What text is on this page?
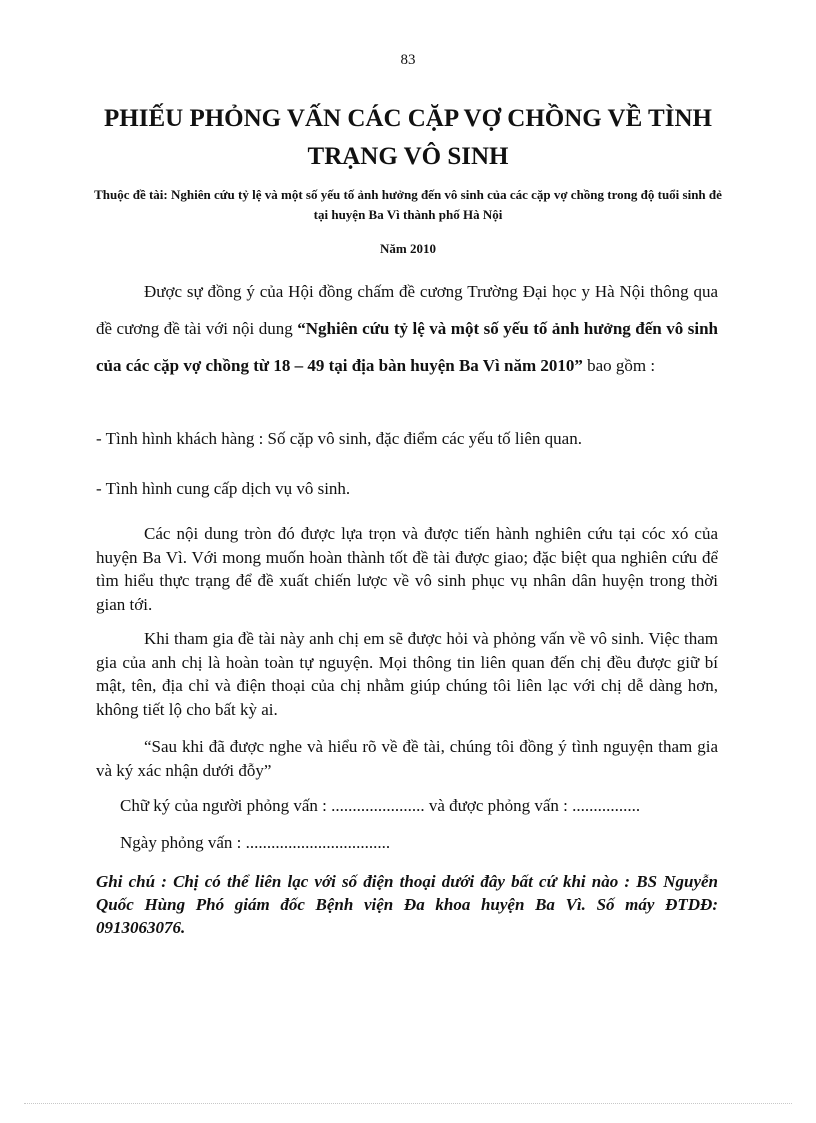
83
PHIẾU PHỎNG VẤN CÁC CẶP VỢ CHỒNG VỀ TÌNH TRẠNG VÔ SINH

Thuộc đề tài: Nghiên cứu tỷ lệ và một số yếu tố ảnh hưởng đến vô sinh của các cặp vợ chồng trong độ tuổi sinh đẻ tại huyện Ba Vì thành phố Hà Nội

Năm 2010

Được sự đồng ý của Hội đồng chấm đề cương Trường Đại học y Hà Nội thông qua đề cương đề tài với nội dung “Nghiên cứu tỷ lệ và một số yếu tố ảnh hưởng đến vô sinh của các cặp vợ chồng từ 18 – 49 tại địa bàn huyện Ba Vì năm 2010” bao gồm :

- Tình hình khách hàng : Số cặp vô sinh, đặc điểm các yếu tố liên quan.

- Tình hình cung cấp dịch vụ vô sinh.

Các nội dung tròn đó được lựa trọn và được tiến hành nghiên cứu tại cóc xó của huyện Ba Vì. Với mong muốn hoàn thành tốt đề tài được giao; đặc biệt qua nghiên cứu để tìm hiểu thực trạng để đề xuất chiến lược về vô sinh phục vụ nhân dân huyện trong thời gian tới.

Khi tham gia đề tài này anh chị em sẽ được hỏi và phỏng vấn về vô sinh. Việc tham gia của anh chị là hoàn toàn tự nguyện. Mọi thông tin liên quan đến chị đều được giữ bí mật, tên, địa chỉ và điện thoại của chị nhằm giúp chúng tôi liên lạc với chị dễ dàng hơn, không tiết lộ cho bất kỳ ai.

“Sau khi đã được nghe và hiểu rõ về đề tài, chúng tôi đồng ý tình nguyện tham gia và ký xác nhận dưới đỗy”

Chữ ký của người phỏng vấn : ...................... và được phỏng vấn : ................

Ngày phỏng vấn : ..................................

Ghi chú : Chị có thể liên lạc với số điện thoại dưới đây bất cứ khi nào : BS Nguyễn Quốc Hùng Phó giám đốc Bệnh viện Đa khoa huyện Ba Vì. Số máy ĐTDĐ: 0913063076.
